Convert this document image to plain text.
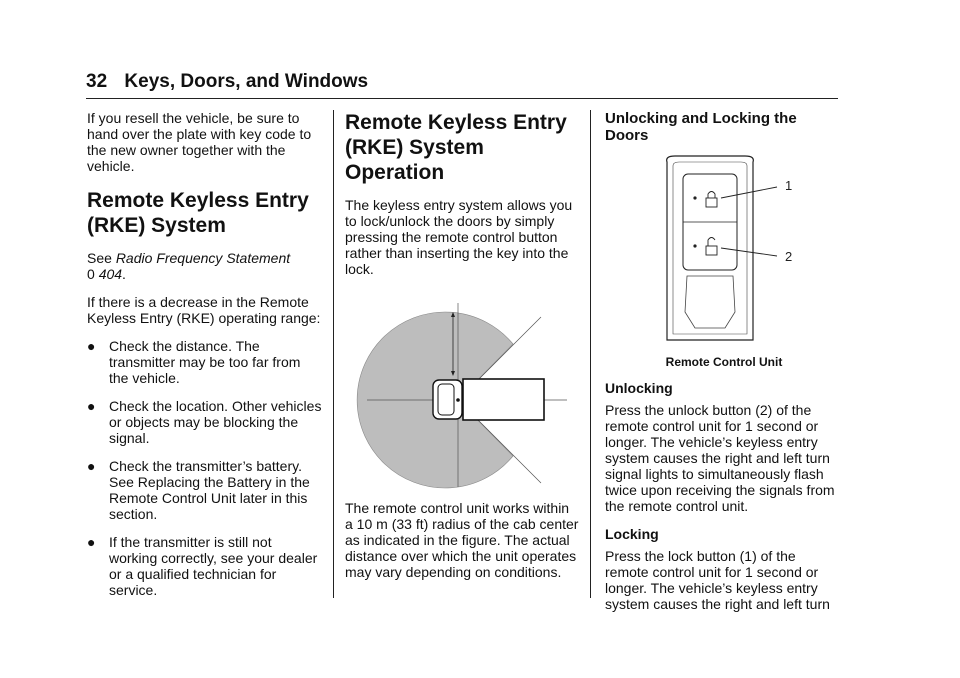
32 Keys, Doors, and Windows

If you resell the vehicle, be sure to hand over the plate with key code to the new owner together with the vehicle.

Remote Keyless Entry (RKE) System

See Radio Frequency Statement
0 404.

If there is a decrease in the Remote Keyless Entry (RKE) operating range:

● Check the distance. The transmitter may be too far from the vehicle.
● Check the location. Other vehicles or objects may be blocking the signal.
● Check the transmitter’s battery. See Replacing the Battery in the Remote Control Unit later in this section.
● If the transmitter is still not working correctly, see your dealer or a qualified technician for service.
Remote Keyless Entry (RKE) System Operation

The keyless entry system allows you to lock/unlock the doors by simply pressing the remote control button rather than inserting the key into the lock.

The remote control unit works within a 10 m (33 ft) radius of the cab center as indicated in the figure. The actual distance over which the unit operates may vary depending on conditions.

Unlocking and Locking the Doors
1
2
Remote Control Unit

Unlocking

Press the unlock button (2) of the remote control unit for 1 second or longer. The vehicle’s keyless entry system causes the right and left turn signal lights to simultaneously flash twice upon receiving the signals from the remote control unit.

Locking

Press the lock button (1) of the remote control unit for 1 second or longer. The vehicle’s keyless entry system causes the right and left turn
